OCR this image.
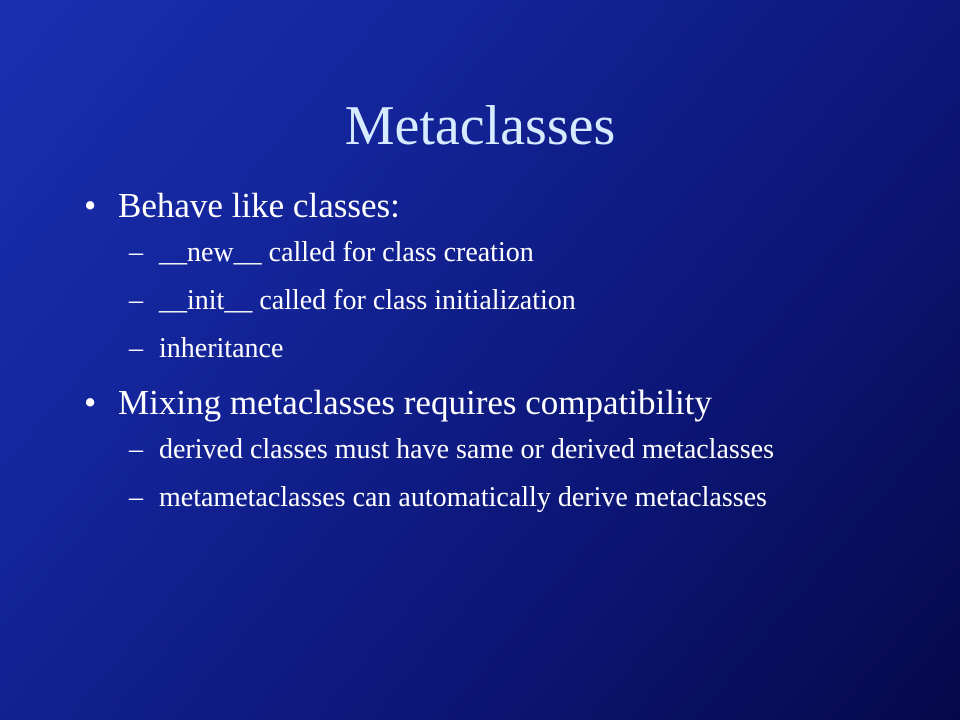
Metaclasses
• Behave like classes:
– __new__ called for class creation
– __init__ called for class initialization
– inheritance
• Mixing metaclasses requires compatibility
– derived classes must have same or derived metaclasses
– metametaclasses can automatically derive metaclasses
